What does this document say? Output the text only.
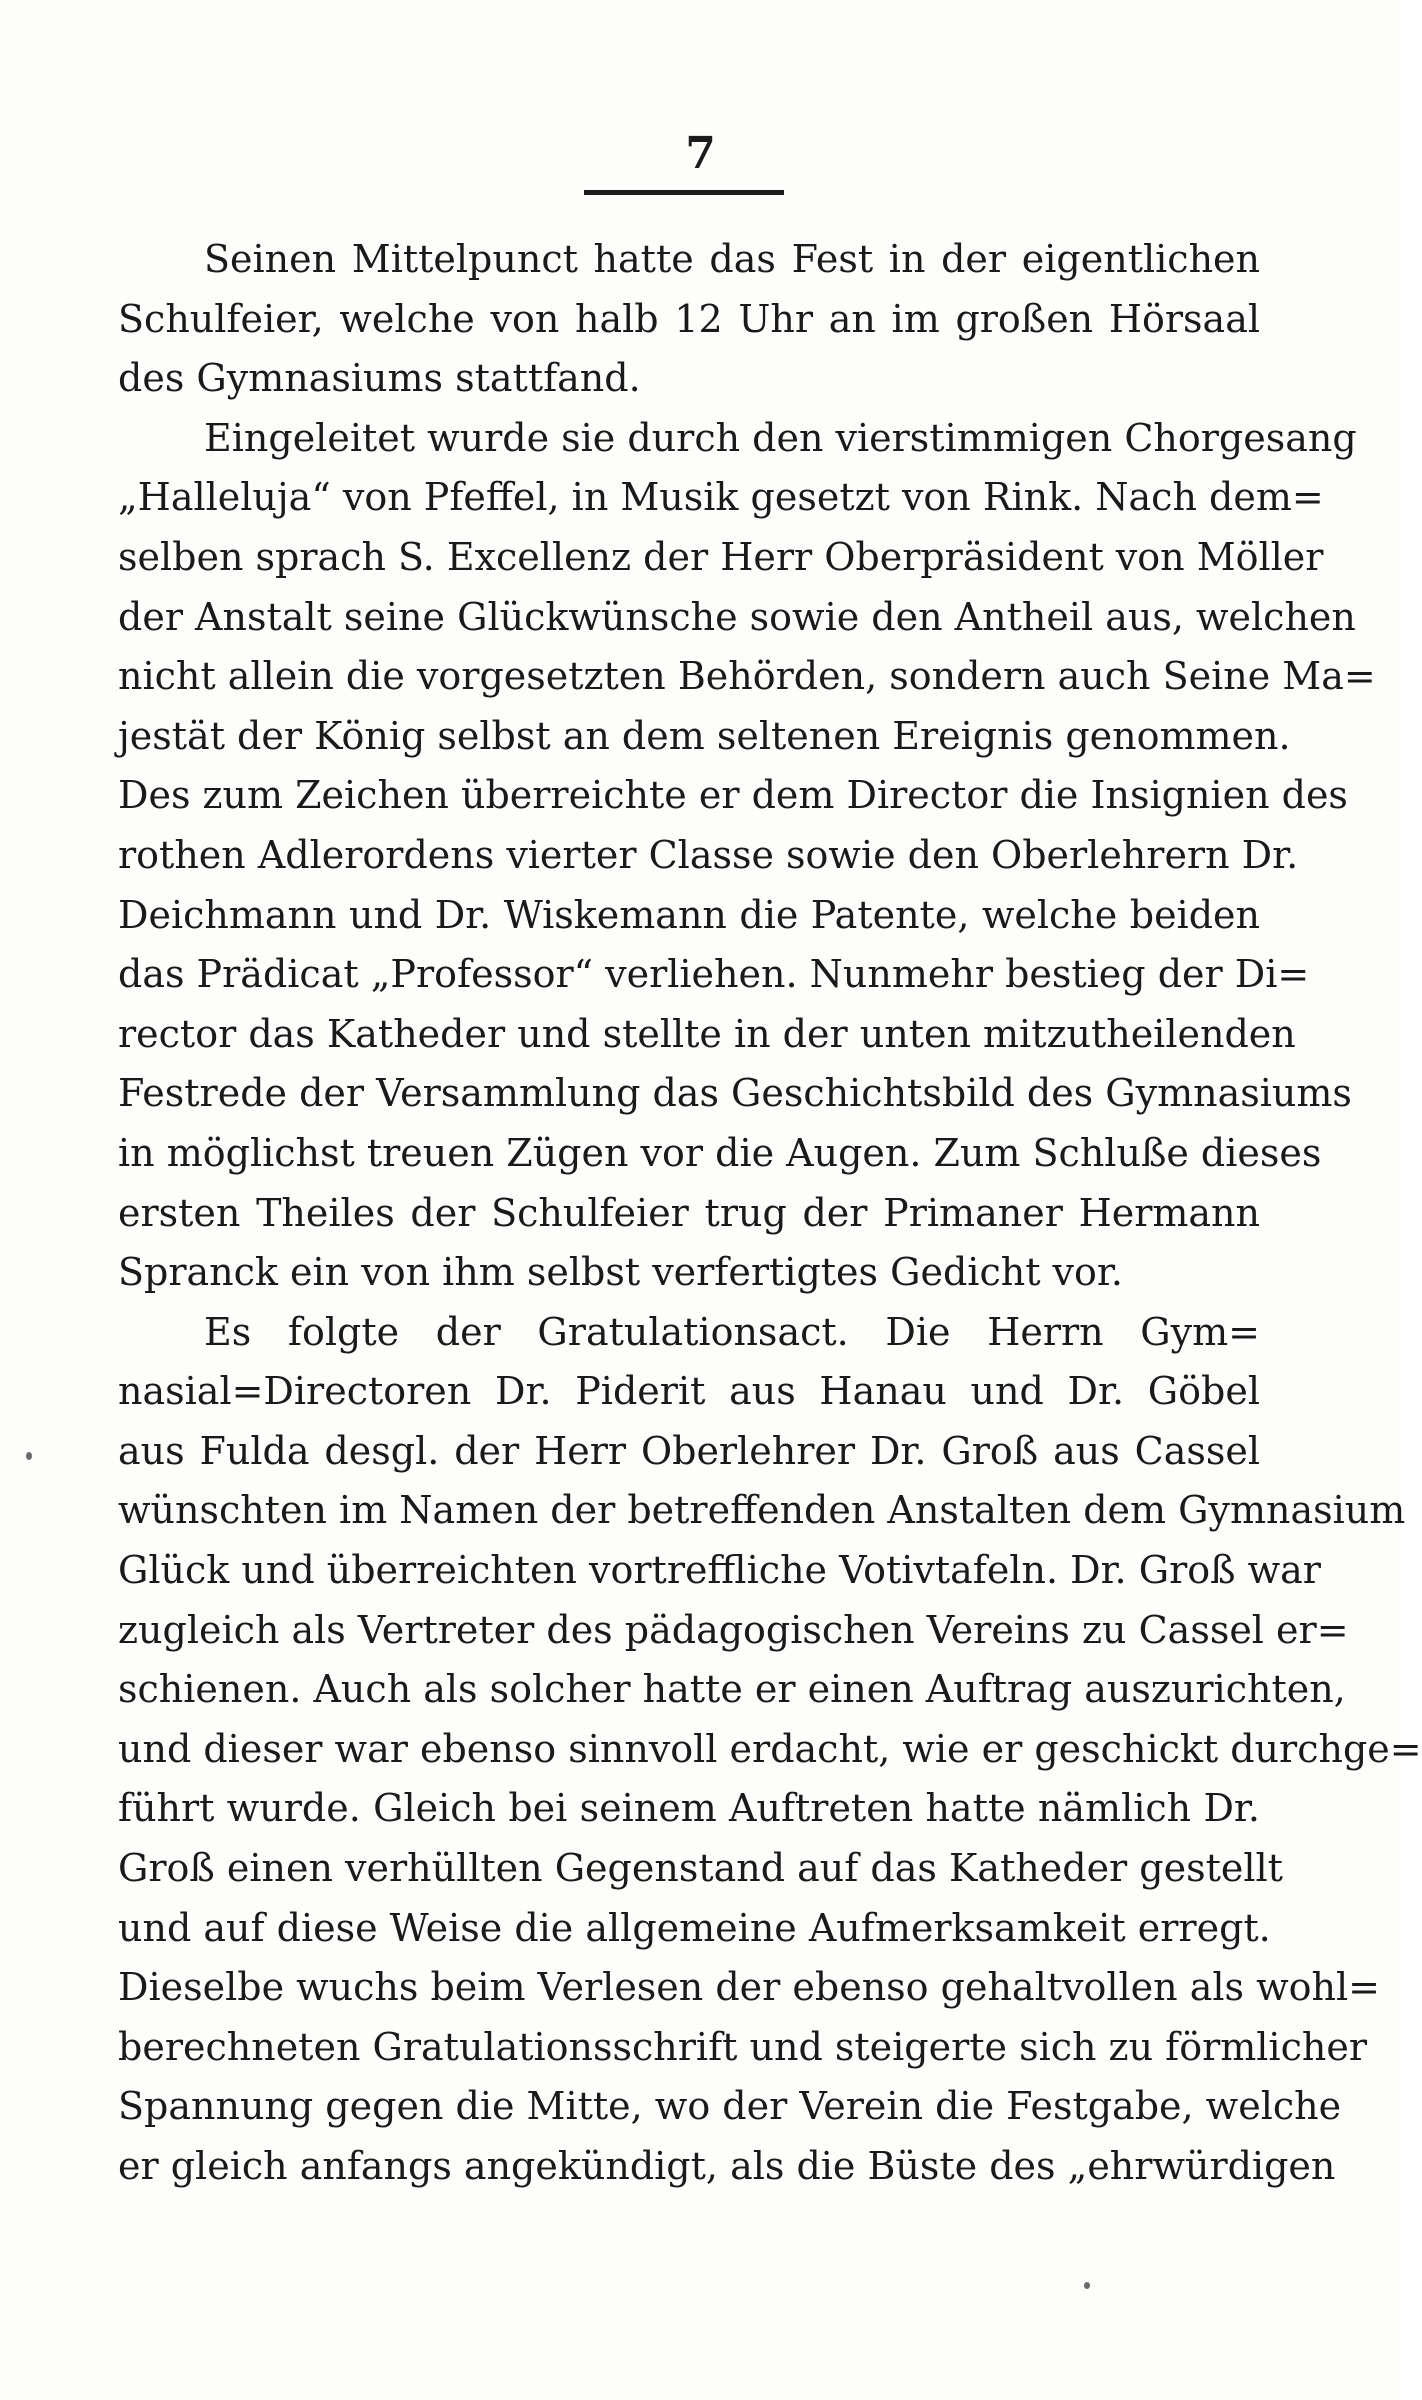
7
Seinen Mittelpunct hatte das Fest in der eigentlichen
Schulfeier, welche von halb 12 Uhr an im großen Hörsaal
des Gymnasiums stattfand.
Eingeleitet wurde sie durch den vierstimmigen Chorgesang
„Halleluja“ von Pfeffel, in Musik gesetzt von Rink. Nach dem=
selben sprach S. Excellenz der Herr Oberpräsident von Möller
der Anstalt seine Glückwünsche sowie den Antheil aus, welchen
nicht allein die vorgesetzten Behörden, sondern auch Seine Ma=
jestät der König selbst an dem seltenen Ereignis genommen.
Des zum Zeichen überreichte er dem Director die Insignien des
rothen Adlerordens vierter Classe sowie den Oberlehrern Dr.
Deichmann und Dr. Wiskemann die Patente, welche beiden
das Prädicat „Professor“ verliehen. Nunmehr bestieg der Di=
rector das Katheder und stellte in der unten mitzutheilenden
Festrede der Versammlung das Geschichtsbild des Gymnasiums
in möglichst treuen Zügen vor die Augen. Zum Schluße dieses
ersten Theiles der Schulfeier trug der Primaner Hermann
Spranck ein von ihm selbst verfertigtes Gedicht vor.
Es folgte der Gratulationsact. Die Herrn Gym=
nasial=Directoren Dr. Piderit aus Hanau und Dr. Göbel
aus Fulda desgl. der Herr Oberlehrer Dr. Groß aus Cassel
wünschten im Namen der betreffenden Anstalten dem Gymnasium
Glück und überreichten vortreffliche Votivtafeln. Dr. Groß war
zugleich als Vertreter des pädagogischen Vereins zu Cassel er=
schienen. Auch als solcher hatte er einen Auftrag auszurichten,
und dieser war ebenso sinnvoll erdacht, wie er geschickt durchge=
führt wurde. Gleich bei seinem Auftreten hatte nämlich Dr.
Groß einen verhüllten Gegenstand auf das Katheder gestellt
und auf diese Weise die allgemeine Aufmerksamkeit erregt.
Dieselbe wuchs beim Verlesen der ebenso gehaltvollen als wohl=
berechneten Gratulationsschrift und steigerte sich zu förmlicher
Spannung gegen die Mitte, wo der Verein die Festgabe, welche
er gleich anfangs angekündigt, als die Büste des „ehrwürdigen
